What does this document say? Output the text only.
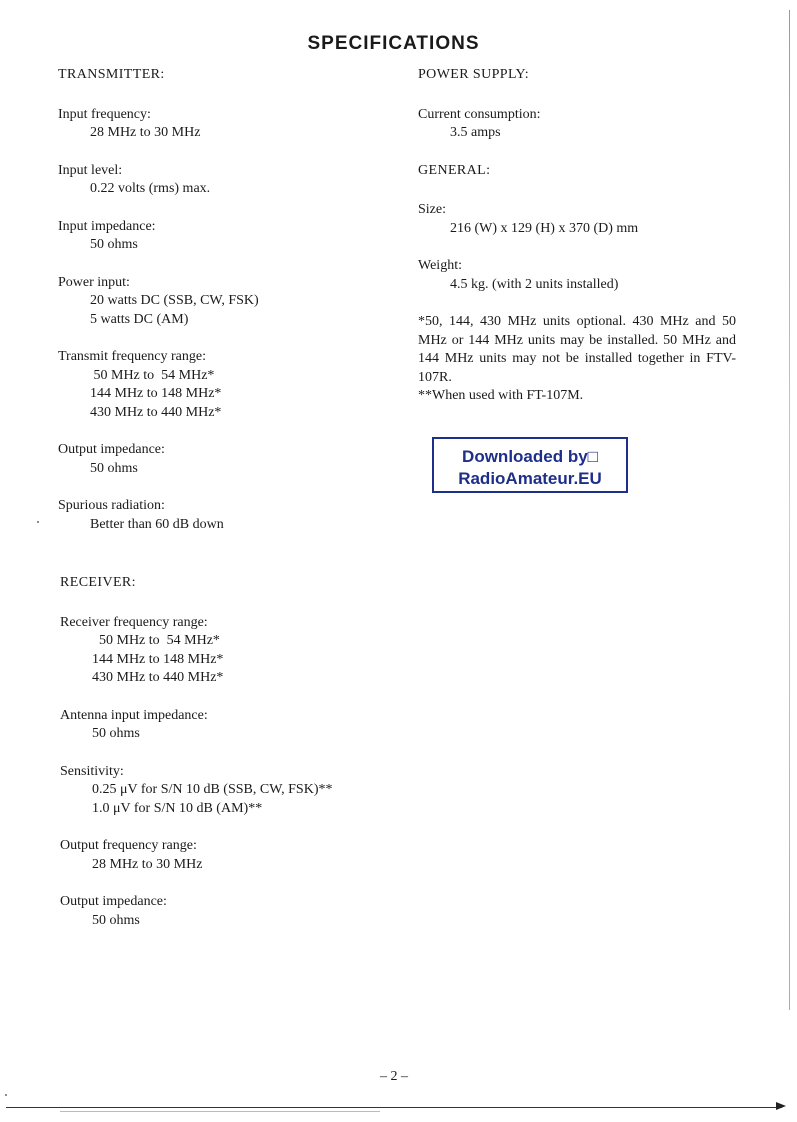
SPECIFICATIONS
TRANSMITTER:
Input frequency:
28 MHz to 30 MHz
Input level:
0.22 volts (rms) max.
Input impedance:
50 ohms
Power input:
20 watts DC (SSB, CW, FSK)
5 watts DC (AM)
Transmit frequency range:
50 MHz to  54 MHz*
144 MHz to 148 MHz*
430 MHz to 440 MHz*
Output impedance:
50 ohms
Spurious radiation:
Better than 60 dB down
RECEIVER:
Receiver frequency range:
50 MHz to  54 MHz*
144 MHz to 148 MHz*
430 MHz to 440 MHz*
Antenna input impedance:
50 ohms
Sensitivity:
0.25 μV for S/N 10 dB (SSB, CW, FSK)**
1.0 μV for S/N 10 dB (AM)**
Output frequency range:
28 MHz to 30 MHz
Output impedance:
50 ohms
POWER SUPPLY:
Current consumption:
3.5 amps
GENERAL:
Size:
216 (W) x 129 (H) x 370 (D) mm
Weight:
4.5 kg. (with 2 units installed)
*50, 144, 430 MHz units optional. 430 MHz and 50 MHz or 144 MHz units may be installed. 50 MHz and 144 MHz units may not be installed together in FTV-107R.
**When used with FT-107M.
Downloaded by□
RadioAmateur.EU
– 2 –
